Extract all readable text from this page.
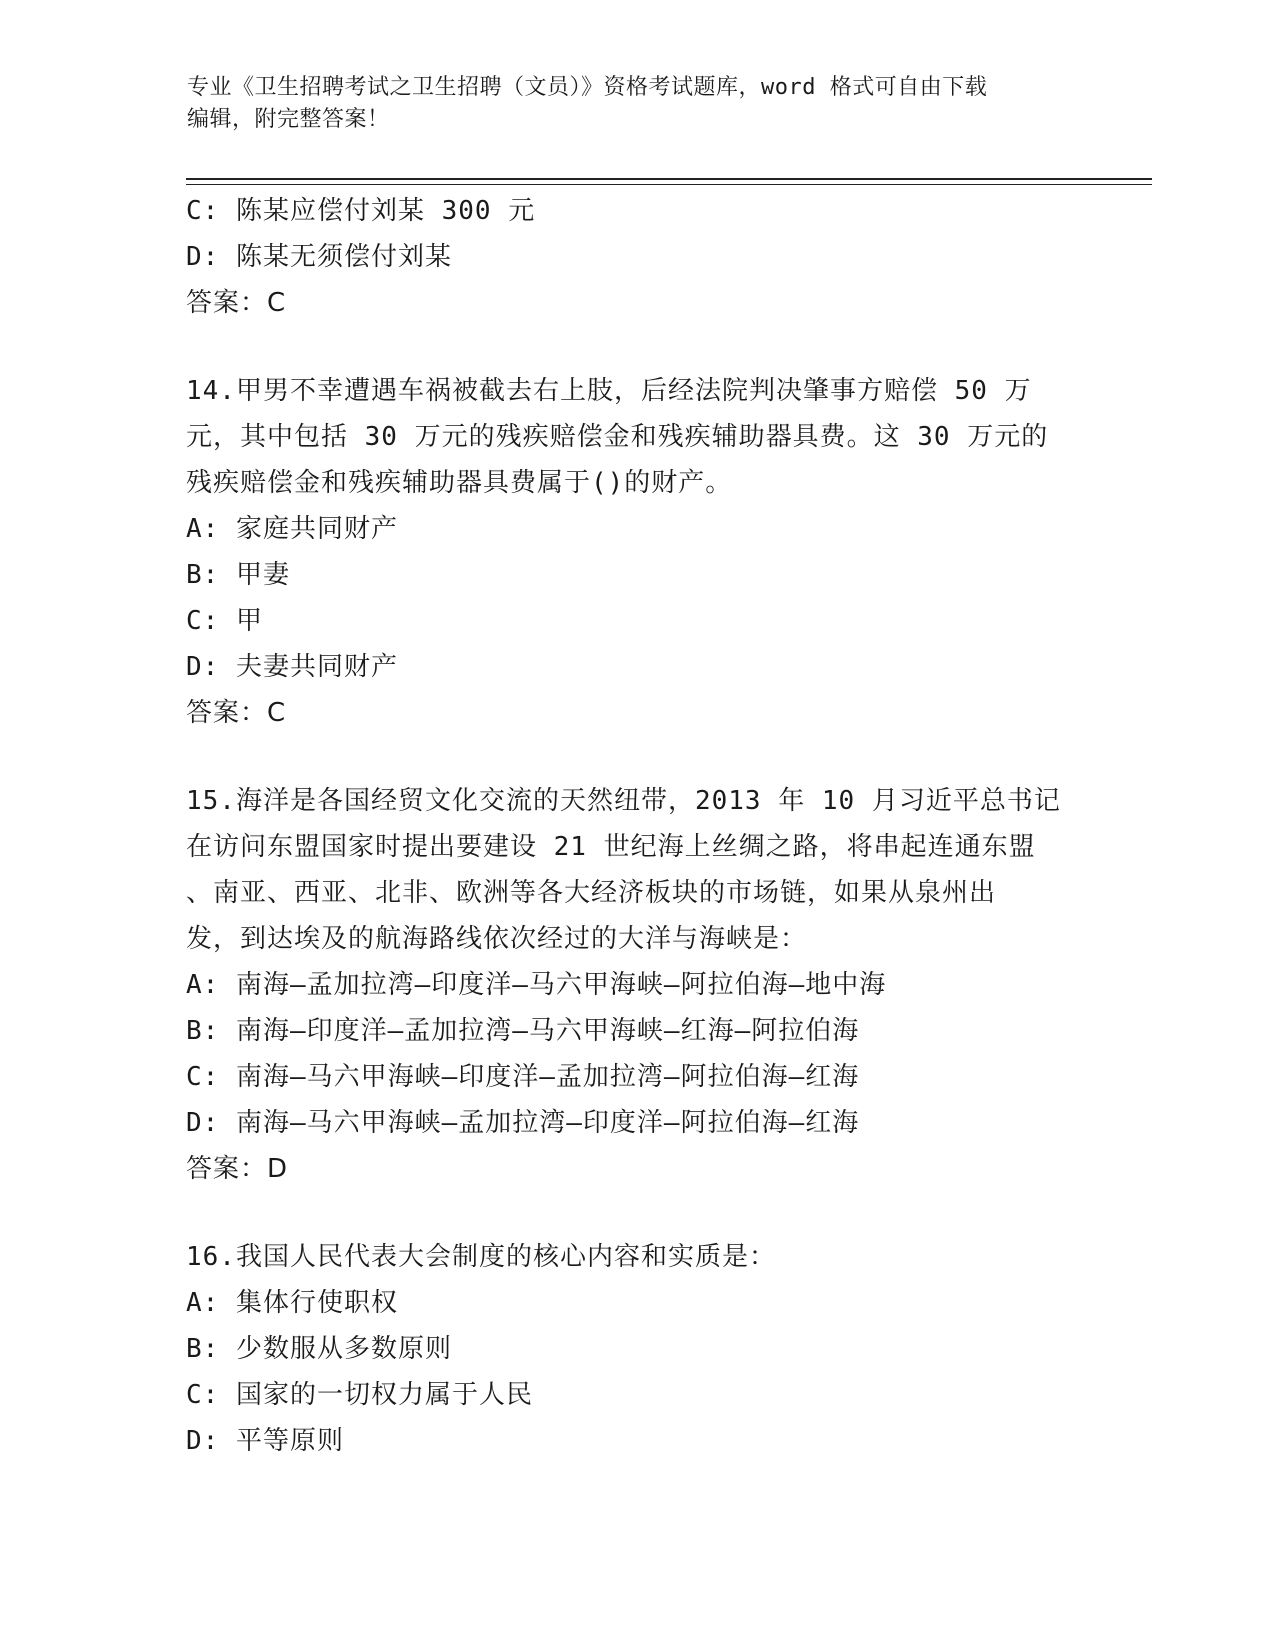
专业《卫生招聘考试之卫生招聘（文员）》资格考试题库，word 格式可自由下载
编辑，附完整答案！
C: 陈某应偿付刘某 300 元
D: 陈某无须偿付刘某
答案：C
14.甲男不幸遭遇车祸被截去右上肢，后经法院判决肇事方赔偿 50 万
元，其中包括 30 万元的残疾赔偿金和残疾辅助器具费。这 30 万元的
残疾赔偿金和残疾辅助器具费属于()的财产。
A: 家庭共同财产
B: 甲妻
C: 甲
D: 夫妻共同财产
答案：C
15.海洋是各国经贸文化交流的天然纽带，2013 年 10 月习近平总书记
在访问东盟国家时提出要建设 21 世纪海上丝绸之路，将串起连通东盟
、南亚、西亚、北非、欧洲等各大经济板块的市场链，如果从泉州出
发，到达埃及的航海路线依次经过的大洋与海峡是：
A: 南海—孟加拉湾—印度洋—马六甲海峡—阿拉伯海—地中海
B: 南海—印度洋—孟加拉湾—马六甲海峡—红海—阿拉伯海
C: 南海—马六甲海峡—印度洋—孟加拉湾—阿拉伯海—红海
D: 南海—马六甲海峡—孟加拉湾—印度洋—阿拉伯海—红海
答案：D
16.我国人民代表大会制度的核心内容和实质是：
A: 集体行使职权
B: 少数服从多数原则
C: 国家的一切权力属于人民
D: 平等原则
